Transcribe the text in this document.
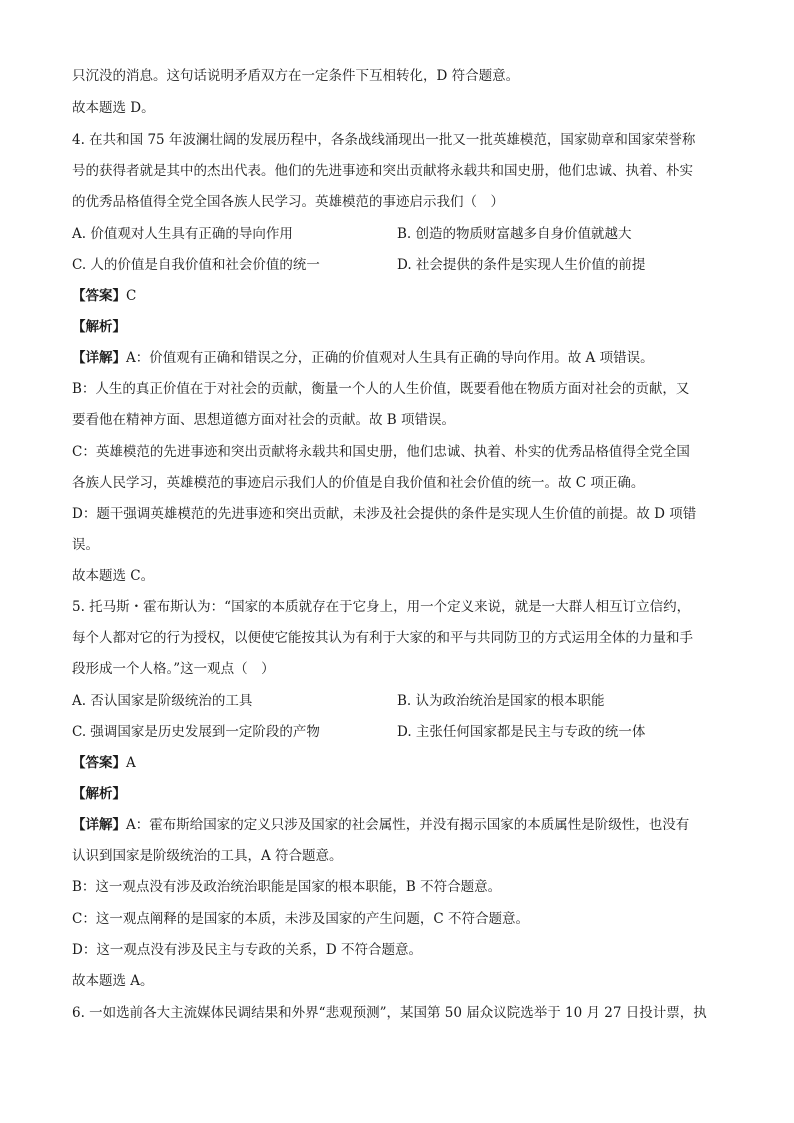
只沉没的消息。这句话说明矛盾双方在一定条件下互相转化，D 符合题意。
故本题选 D。
4. 在共和国 75 年波澜壮阔的发展历程中，各条战线涌现出一批又一批英雄模范，国家勋章和国家荣誉称
号的获得者就是其中的杰出代表。他们的先进事迹和突出贡献将永载共和国史册，他们忠诚、执着、朴实
的优秀品格值得全党全国各族人民学习。英雄模范的事迹启示我们（　）
A. 价值观对人生具有正确的导向作用	B. 创造的物质财富越多自身价值就越大
C. 人的价值是自我价值和社会价值的统一	D. 社会提供的条件是实现人生价值的前提
【答案】C
【解析】
【详解】A：价值观有正确和错误之分，正确的价值观对人生具有正确的导向作用。故 A 项错误。
B：人生的真正价值在于对社会的贡献，衡量一个人的人生价值，既要看他在物质方面对社会的贡献，又
要看他在精神方面、思想道德方面对社会的贡献。故 B 项错误。
C：英雄模范的先进事迹和突出贡献将永载共和国史册，他们忠诚、执着、朴实的优秀品格值得全党全国
各族人民学习，英雄模范的事迹启示我们人的价值是自我价值和社会价值的统一。故 C 项正确。
D：题干强调英雄模范的先进事迹和突出贡献，未涉及社会提供的条件是实现人生价值的前提。故 D 项错
误。
故本题选 C。
5. 托马斯・霍布斯认为：“国家的本质就存在于它身上，用一个定义来说，就是一大群人相互订立信约，
每个人都对它的行为授权，以便使它能按其认为有利于大家的和平与共同防卫的方式运用全体的力量和手
段形成一个人格。”这一观点（　）
A. 否认国家是阶级统治的工具	B. 认为政治统治是国家的根本职能
C. 强调国家是历史发展到一定阶段的产物	D. 主张任何国家都是民主与专政的统一体
【答案】A
【解析】
【详解】A：霍布斯给国家的定义只涉及国家的社会属性，并没有揭示国家的本质属性是阶级性，也没有
认识到国家是阶级统治的工具，A 符合题意。
B：这一观点没有涉及政治统治职能是国家的根本职能，B 不符合题意。
C：这一观点阐释的是国家的本质，未涉及国家的产生问题，C 不符合题意。
D：这一观点没有涉及民主与专政的关系，D 不符合题意。
故本题选 A。
6. 一如选前各大主流媒体民调结果和外界“悲观预测”，某国第 50 届众议院选举于 10 月 27 日投计票，执
